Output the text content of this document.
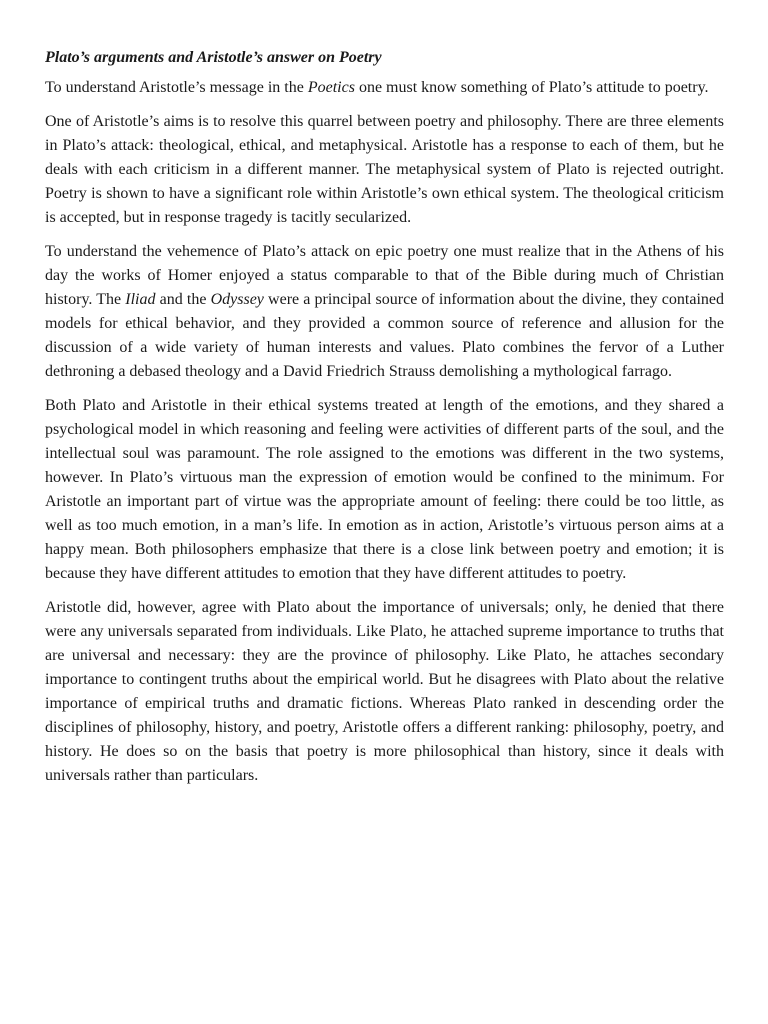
Plato’s arguments and Aristotle’s answer on Poetry

To understand Aristotle’s message in the Poetics one must know something of Plato’s attitude to poetry.

One of Aristotle’s aims is to resolve this quarrel between poetry and philosophy. There are three elements in Plato’s attack: theological, ethical, and metaphysical. Aristotle has a response to each of them, but he deals with each criticism in a different manner. The metaphysical system of Plato is rejected outright. Poetry is shown to have a significant role within Aristotle’s own ethical system. The theological criticism is accepted, but in response tragedy is tacitly secularized.

To understand the vehemence of Plato’s attack on epic poetry one must realize that in the Athens of his day the works of Homer enjoyed a status comparable to that of the Bible during much of Christian history. The Iliad and the Odyssey were a principal source of information about the divine, they contained models for ethical behavior, and they provided a common source of reference and allusion for the discussion of a wide variety of human interests and values. Plato combines the fervor of a Luther dethroning a debased theology and a David Friedrich Strauss demolishing a mythological farrago.

Both Plato and Aristotle in their ethical systems treated at length of the emotions, and they shared a psychological model in which reasoning and feeling were activities of different parts of the soul, and the intellectual soul was paramount. The role assigned to the emotions was different in the two systems, however. In Plato’s virtuous man the expression of emotion would be confined to the minimum. For Aristotle an important part of virtue was the appropriate amount of feeling: there could be too little, as well as too much emotion, in a man’s life. In emotion as in action, Aristotle’s virtuous person aims at a happy mean. Both philosophers emphasize that there is a close link between poetry and emotion; it is because they have different attitudes to emotion that they have different attitudes to poetry.

Aristotle did, however, agree with Plato about the importance of universals; only, he denied that there were any universals separated from individuals. Like Plato, he attached supreme importance to truths that are universal and necessary: they are the province of philosophy. Like Plato, he attaches secondary importance to contingent truths about the empirical world. But he disagrees with Plato about the relative importance of empirical truths and dramatic fictions. Whereas Plato ranked in descending order the disciplines of philosophy, history, and poetry, Aristotle offers a different ranking: philosophy, poetry, and history. He does so on the basis that poetry is more philosophical than history, since it deals with universals rather than particulars.
